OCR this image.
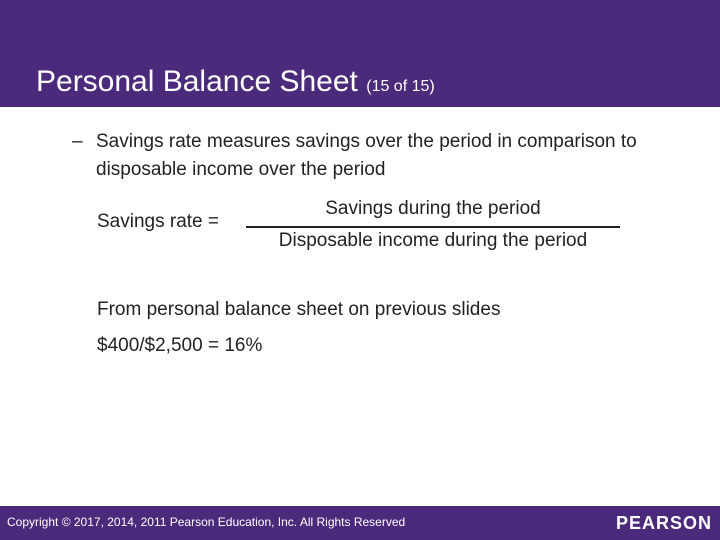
Personal Balance Sheet (15 of 15)
– Savings rate measures savings over the period in comparison to disposable income over the period
Savings rate =
Savings during the period
Disposable income during the period
From personal balance sheet on previous slides
$400/$2,500 = 16%
Copyright © 2017, 2014, 2011 Pearson Education, Inc. All Rights Reserved	PEARSON
